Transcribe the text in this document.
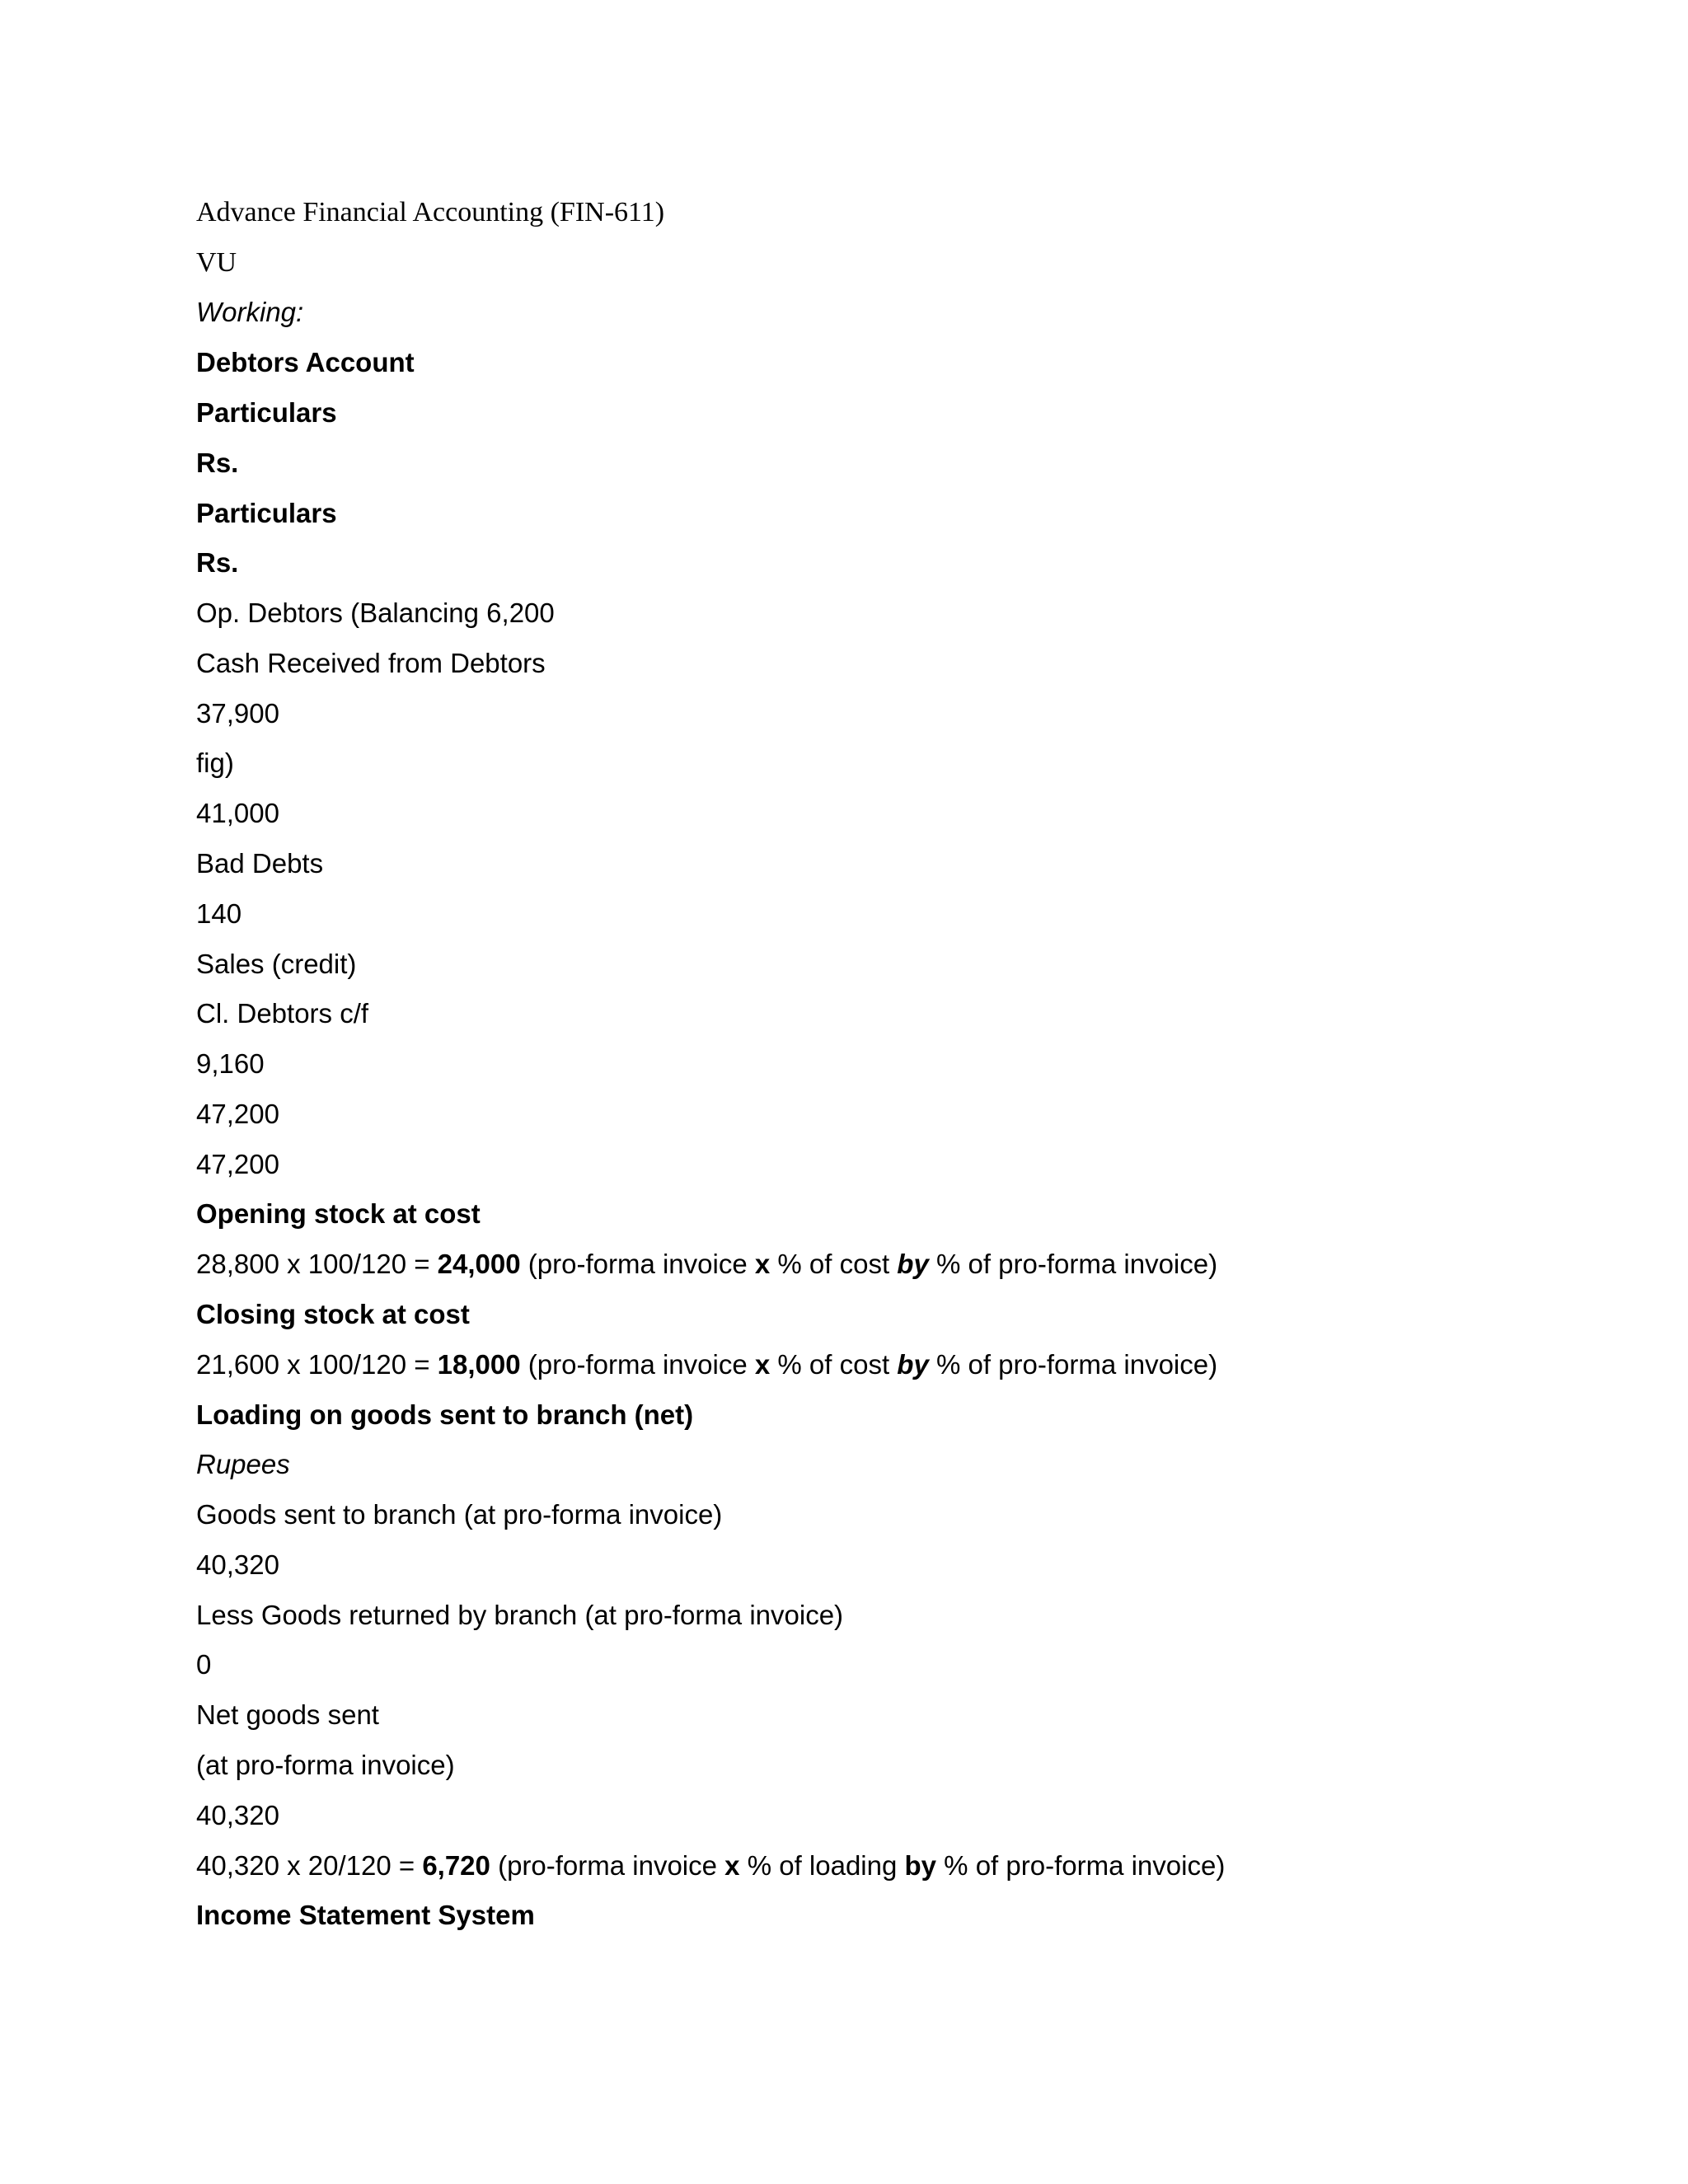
Advance Financial Accounting (FIN-611)
VU
Working:
Debtors Account
Particulars
Rs.
Particulars
Rs.
Op. Debtors (Balancing 6,200
Cash Received from Debtors
37,900
fig)
41,000
Bad Debts
140
Sales (credit)
Cl. Debtors c/f
9,160
47,200
47,200
Opening stock at cost
28,800 x 100/120 = 24,000 (pro-forma invoice x % of cost by % of pro-forma invoice)
Closing stock at cost
21,600 x 100/120 = 18,000 (pro-forma invoice x % of cost by % of pro-forma invoice)
Loading on goods sent to branch (net)
Rupees
Goods sent to branch (at pro-forma invoice)
40,320
Less Goods returned by branch (at pro-forma invoice)
0
Net goods sent
(at pro-forma invoice)
40,320
40,320 x 20/120 = 6,720 (pro-forma invoice x % of loading by % of pro-forma invoice)
Income Statement System
